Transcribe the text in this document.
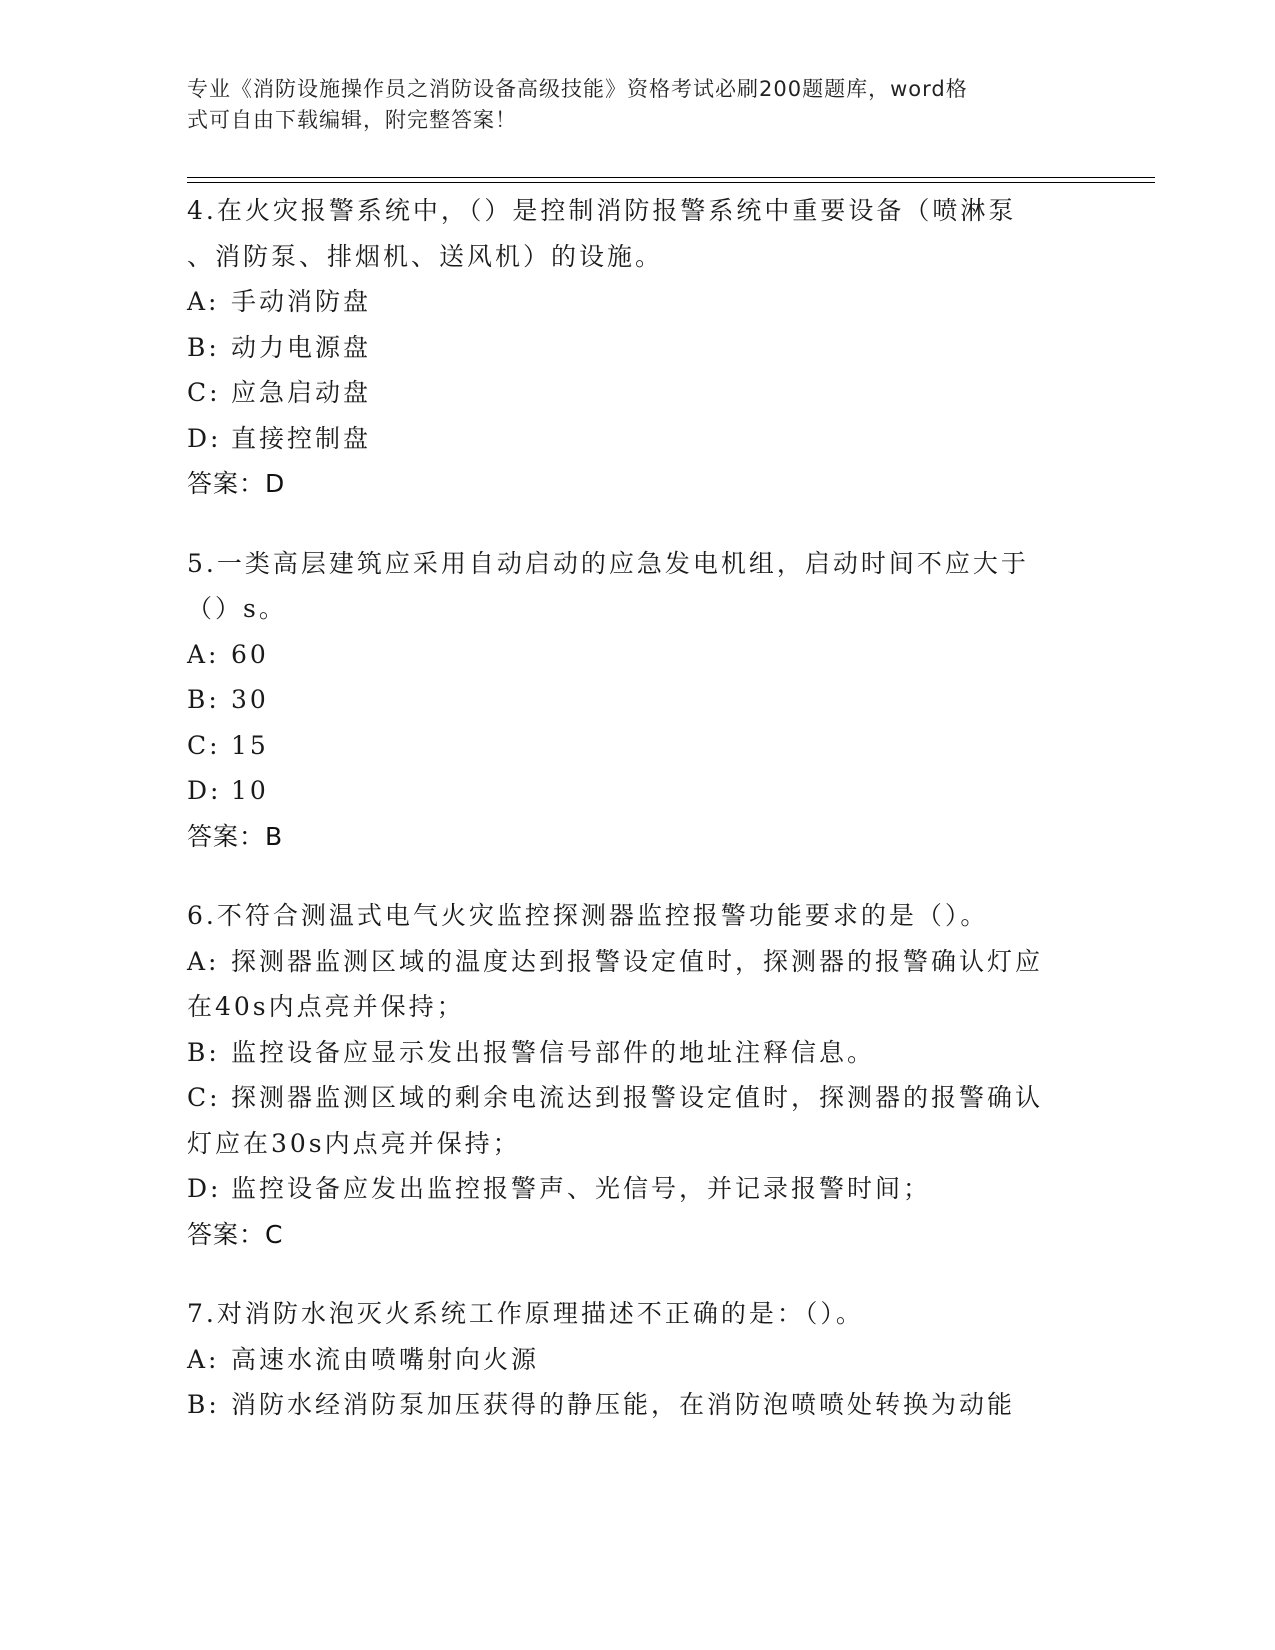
专业《消防设施操作员之消防设备高级技能》资格考试必刷200题题库，word格
式可自由下载编辑，附完整答案！
4.在火灾报警系统中，（）是控制消防报警系统中重要设备（喷淋泵
、消防泵、排烟机、送风机）的设施。
A: 手动消防盘
B: 动力电源盘
C: 应急启动盘
D: 直接控制盘
答案：D
5.一类高层建筑应采用自动启动的应急发电机组，启动时间不应大于
（）s。
A: 60
B: 30
C: 15
D: 10
答案：B
6.不符合测温式电气火灾监控探测器监控报警功能要求的是（）。
A: 探测器监测区域的温度达到报警设定值时，探测器的报警确认灯应
在40s内点亮并保持；
B: 监控设备应显示发出报警信号部件的地址注释信息。
C: 探测器监测区域的剩余电流达到报警设定值时，探测器的报警确认
灯应在30s内点亮并保持；
D: 监控设备应发出监控报警声、光信号，并记录报警时间；
答案：C
7.对消防水泡灭火系统工作原理描述不正确的是：（）。
A: 高速水流由喷嘴射向火源
B: 消防水经消防泵加压获得的静压能，在消防泡喷喷处转换为动能
